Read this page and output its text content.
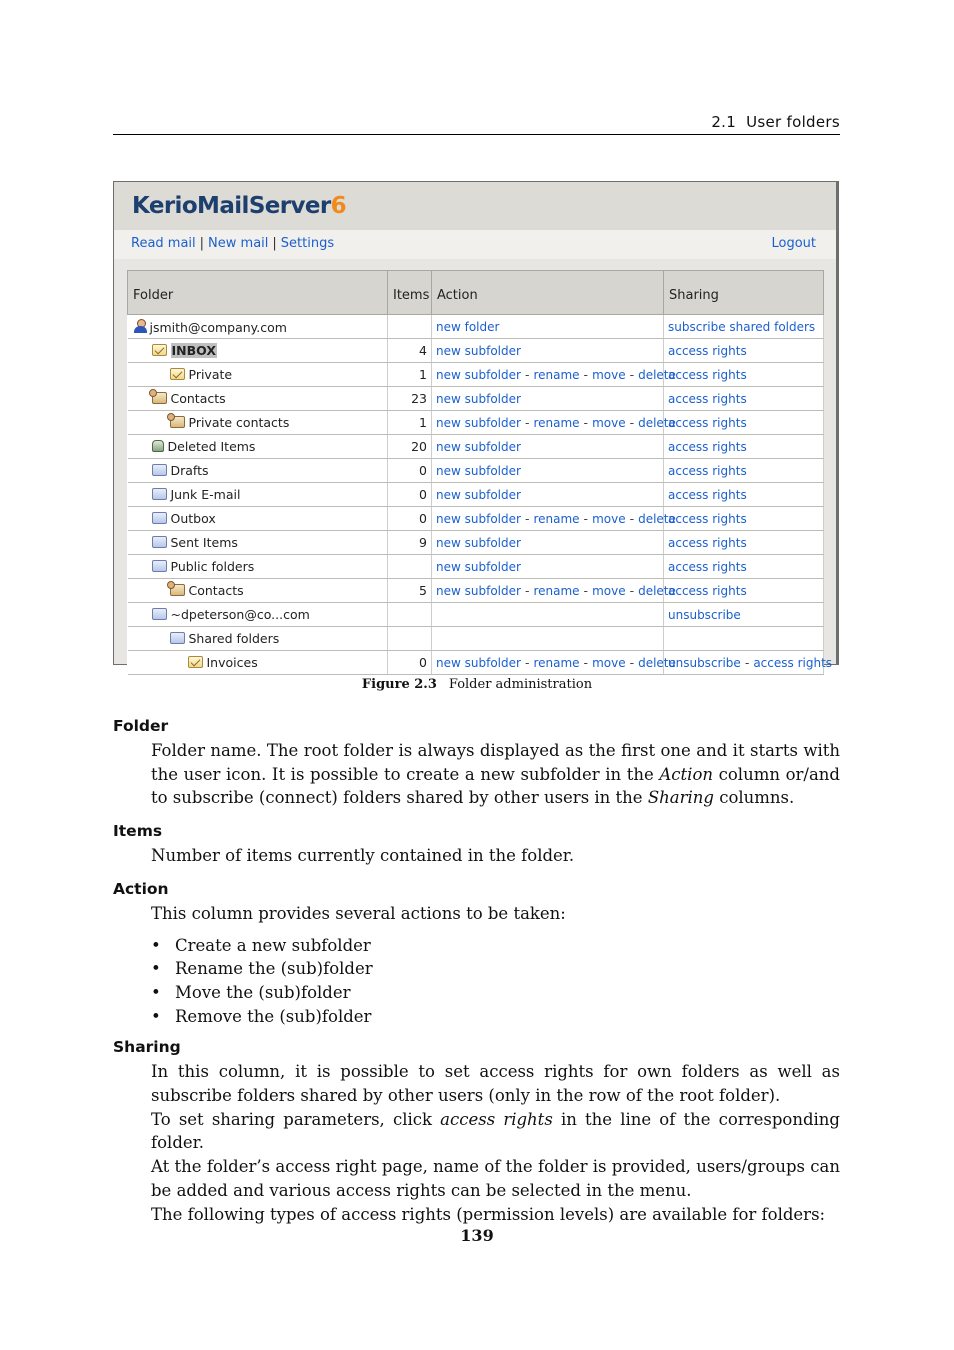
2.1 User folders
KerioMailServer6
Read mail | New mail | Settings	Logout
Folder	Items	Action	Sharing
jsmith@company.com		new folder	subscribe shared folders
INBOX	4	new subfolder	access rights
Private	1	new subfolder - rename - move - delete	access rights
Contacts	23	new subfolder	access rights
Private contacts	1	new subfolder - rename - move - delete	access rights
Deleted Items	20	new subfolder	access rights
Drafts	0	new subfolder	access rights
Junk E-mail	0	new subfolder	access rights
Outbox	0	new subfolder - rename - move - delete	access rights
Sent Items	9	new subfolder	access rights
Public folders		new subfolder	access rights
Contacts	5	new subfolder - rename - move - delete	access rights
~dpeterson@co...com			unsubscribe
Shared folders			
Invoices	0	new subfolder - rename - move - delete	unsubscribe - access rights
Figure 2.3 Folder administration
Folder
Folder name. The root folder is always displayed as the first one and it starts with the user icon. It is possible to create a new subfolder in the Action column or/and to subscribe (connect) folders shared by other users in the Sharing columns.
Items
Number of items currently contained in the folder.
Action
This column provides several actions to be taken:
• Create a new subfolder
• Rename the (sub)folder
• Move the (sub)folder
• Remove the (sub)folder
Sharing

In this column, it is possible to set access rights for own folders as well as subscribe folders shared by other users (only in the row of the root folder).

To set sharing parameters, click access rights in the line of the corresponding folder.

At the folder’s access right page, name of the folder is provided, users/groups can be added and various access rights can be selected in the menu.

The following types of access rights (permission levels) are available for folders:

139
